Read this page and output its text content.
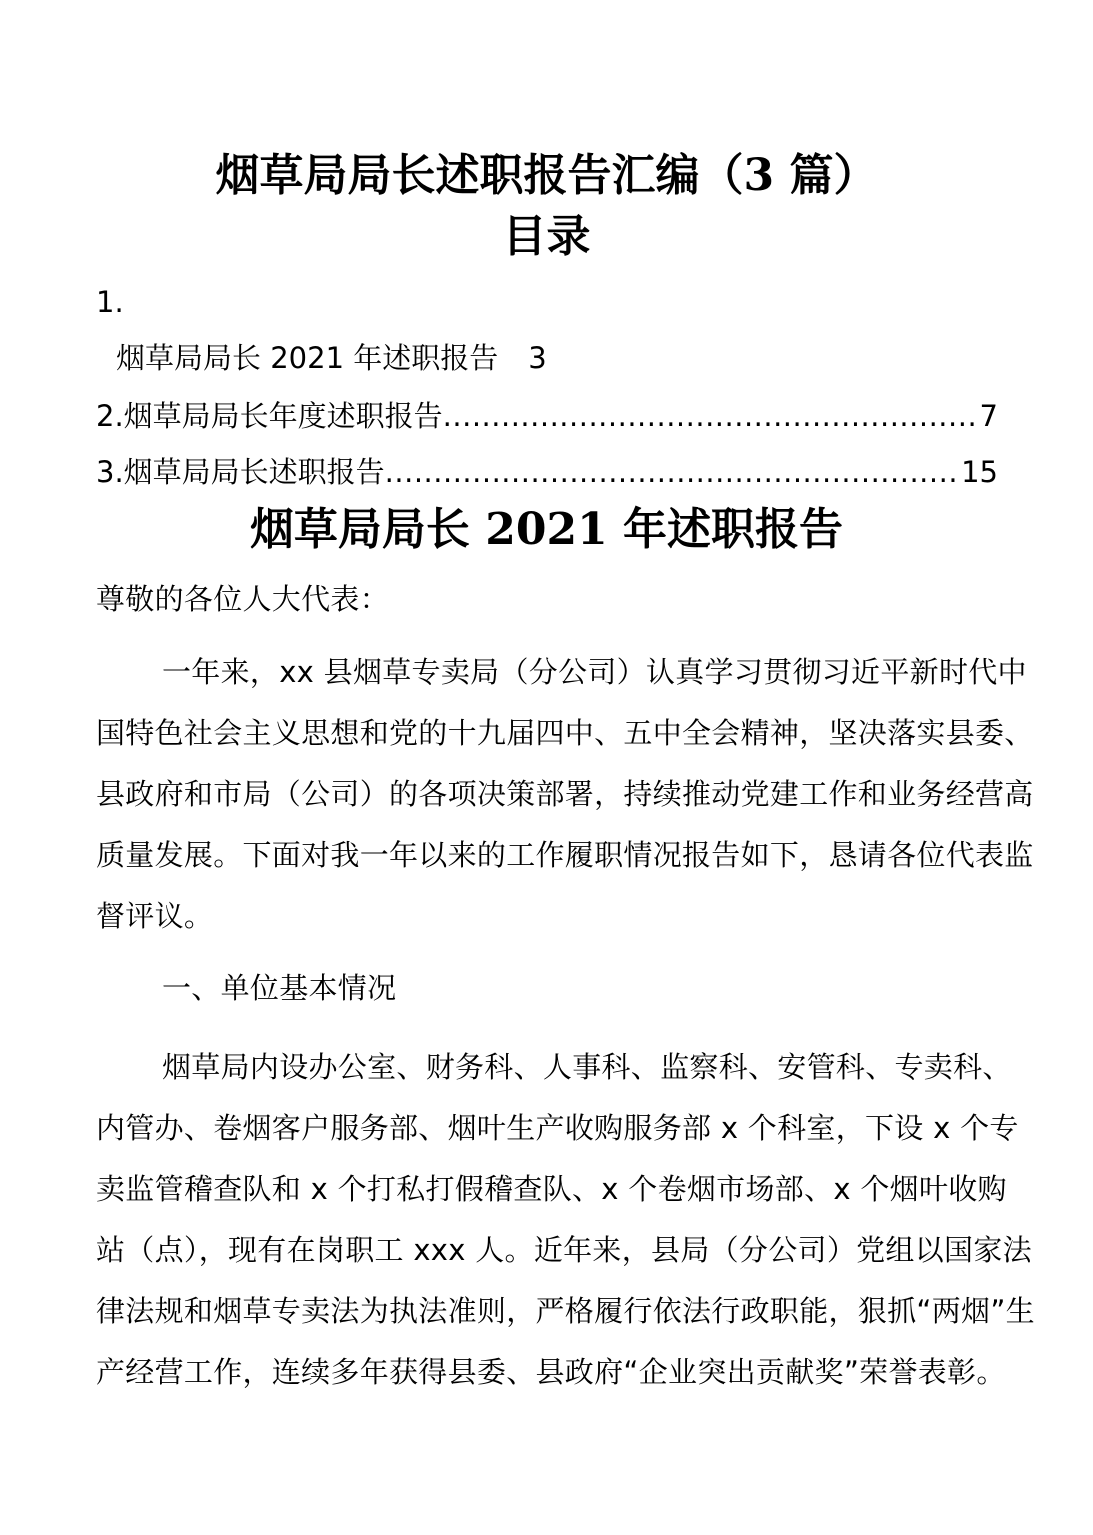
烟草局局长述职报告汇编（3 篇）
目录
1.
烟草局局长 2021 年述职报告 3
2.烟草局局长年度述职报告 .....	7
3.烟草局局长述职报告 .....	15
烟草局局长 2021 年述职报告

尊敬的各位人大代表：

一年来，xx 县烟草专卖局（分公司）认真学习贯彻习近平新时代中国特色社会主义思想和党的十九届四中、五中全会精神，坚决落实县委、县政府和市局（公司）的各项决策部署，持续推动党建工作和业务经营高质量发展。下面对我一年以来的工作履职情况报告如下，恳请各位代表监督评议。

一、单位基本情况

烟草局内设办公室、财务科、人事科、监察科、安管科、专卖科、内管办、卷烟客户服务部、烟叶生产收购服务部 x 个科室，下设 x 个专卖监管稽查队和 x 个打私打假稽查队、x 个卷烟市场部、x 个烟叶收购站（点），现有在岗职工 xxx 人。近年来，县局（分公司）党组以国家法律法规和烟草专卖法为执法准则，严格履行依法行政职能，狠抓“两烟”生产经营工作，连续多年获得县委、县政府“企业突出贡献奖”荣誉表彰。
